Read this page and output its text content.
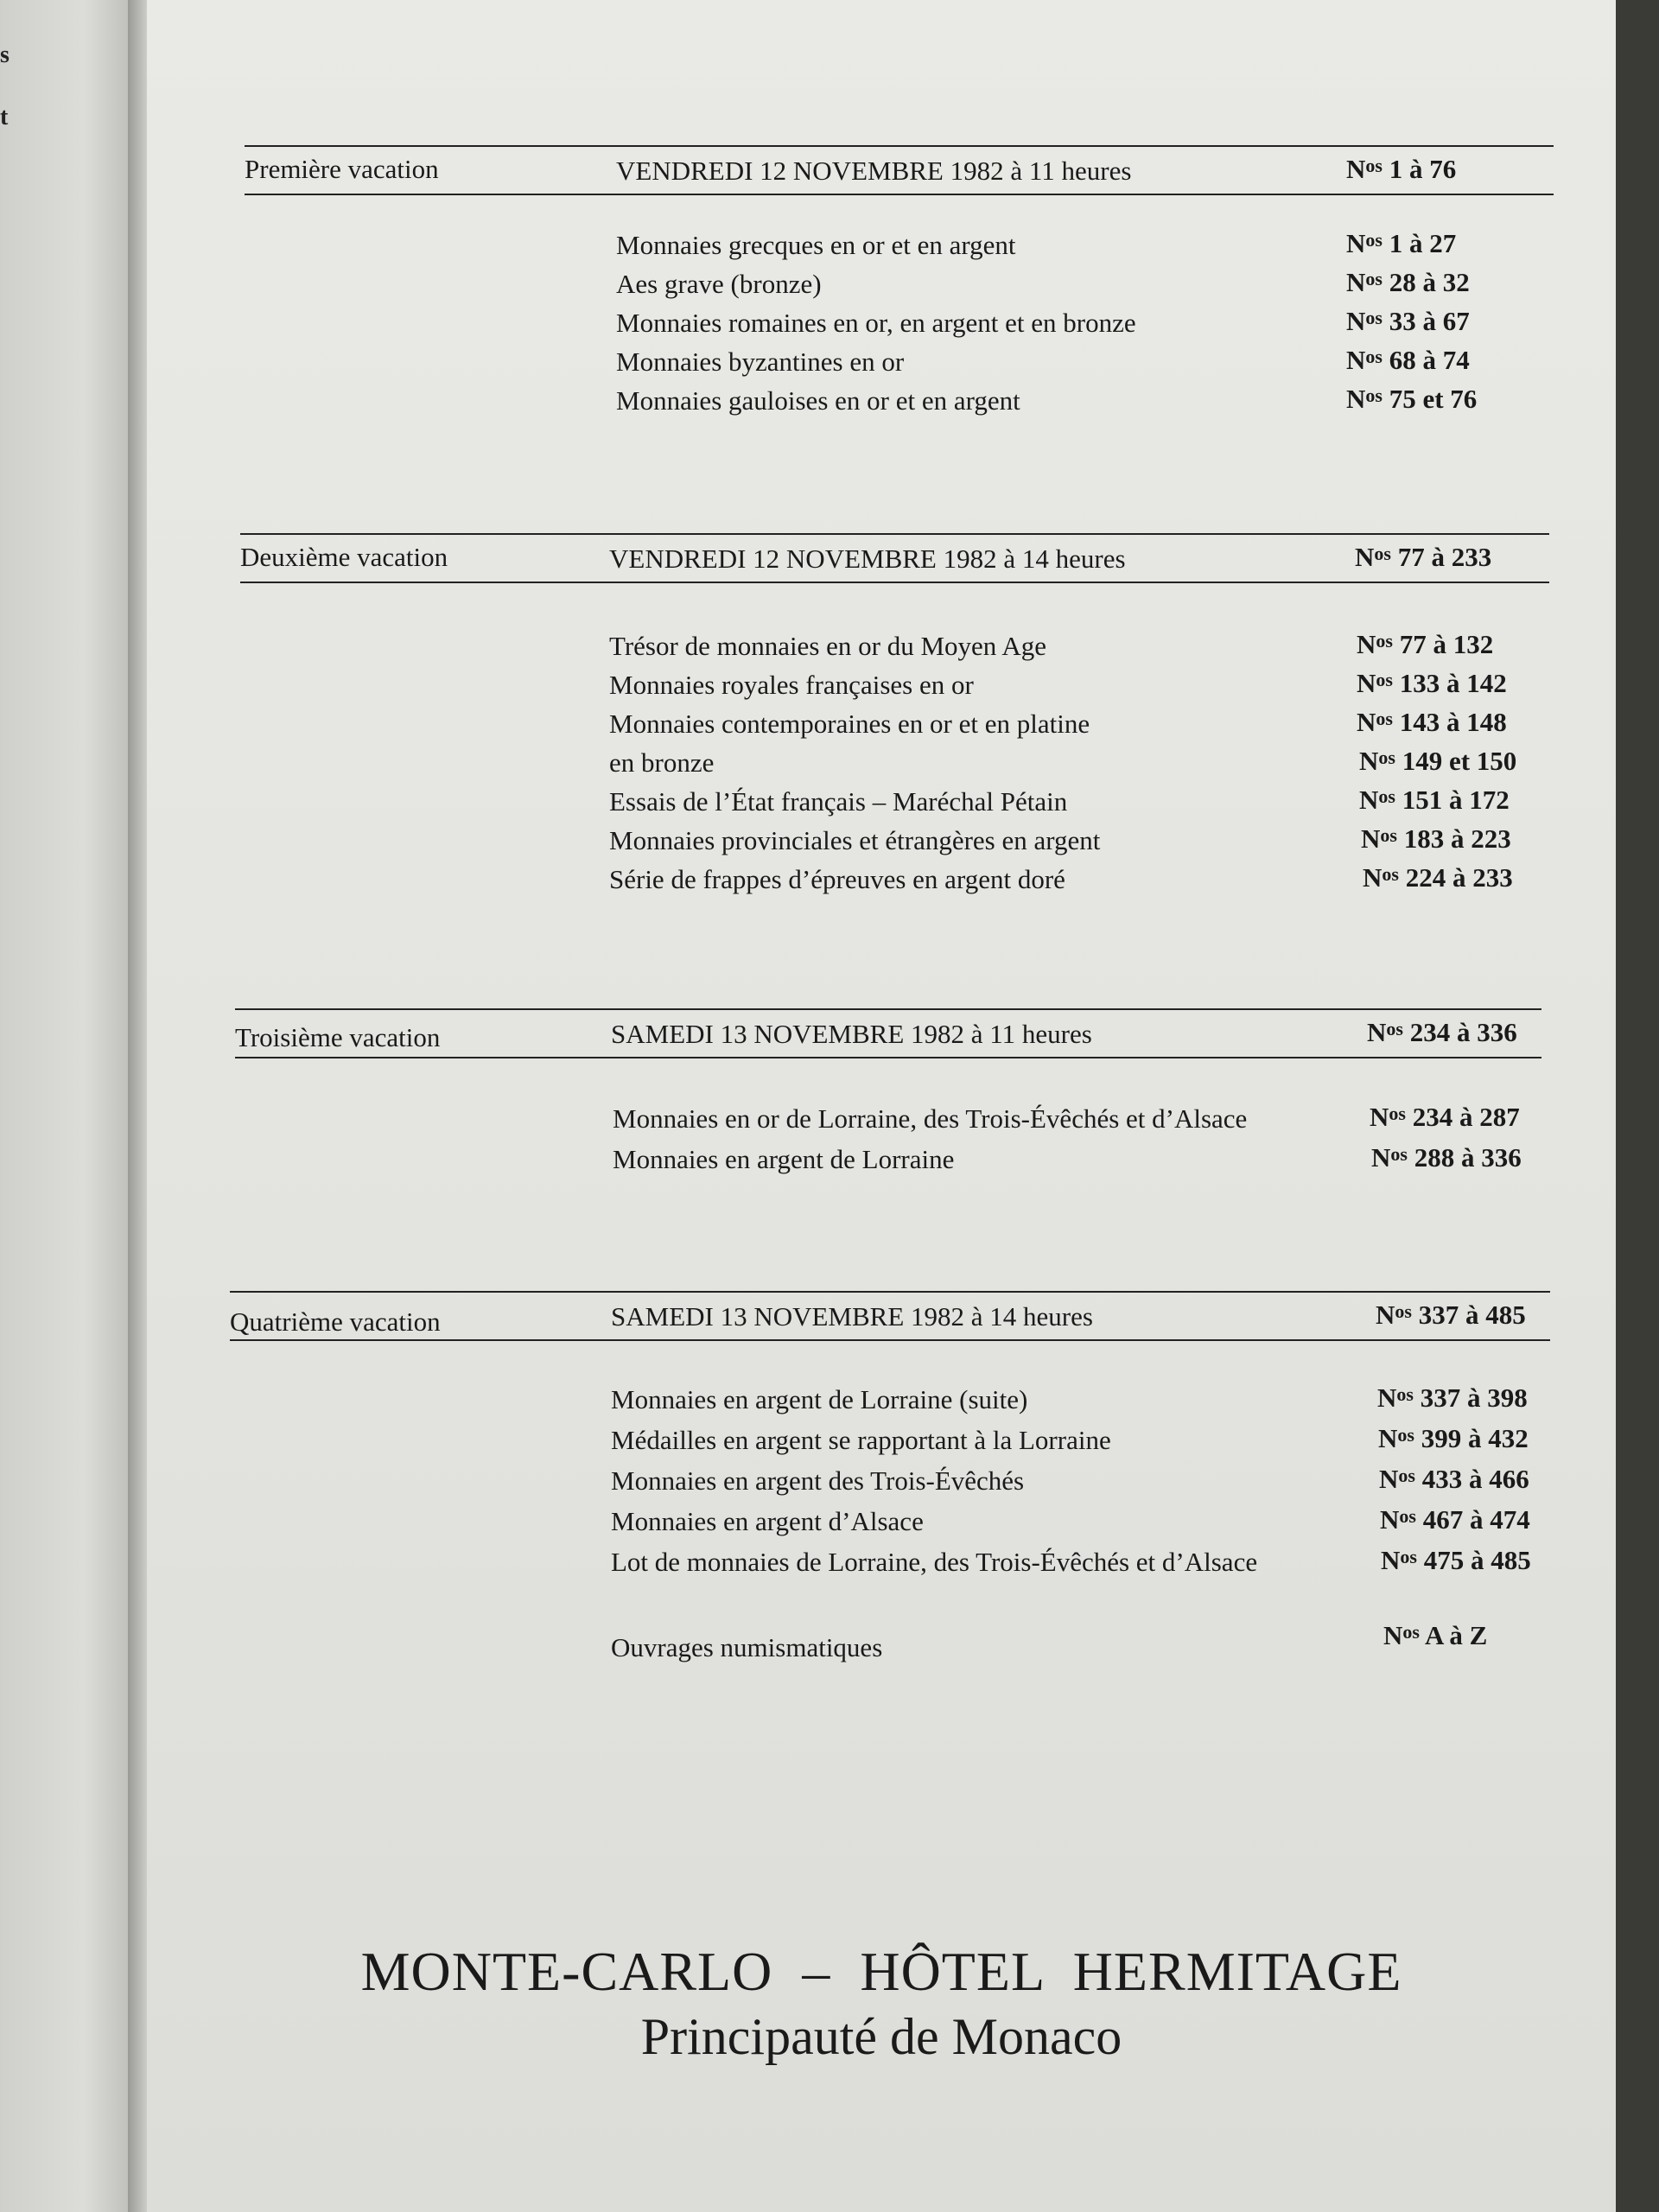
s
t
Première vacation	VENDREDI 12 NOVEMBRE 1982 à 11 heures	$N^{os}$ 1 à 76
Monnaies grecques en or et en argent	$N^{os}$ 1 à 27
Aes grave (bronze)	$N^{os}$ 28 à 32
Monnaies romaines en or, en argent et en bronze	$N^{os}$ 33 à 67
Monnaies byzantines en or	$N^{os}$ 68 à 74
Monnaies gauloises en or et en argent	$N^{os}$ 75 et 76
Deuxième vacation	VENDREDI 12 NOVEMBRE 1982 à 14 heures	$N^{os}$ 77 à 233
Trésor de monnaies en or du Moyen Age	$N^{os}$ 77 à 132
Monnaies royales françaises en or	$N^{os}$ 133 à 142
Monnaies contemporaines en or et en platine	$N^{os}$ 143 à 148
en bronze	$N^{os}$ 149 et 150
Essais de l’État français – Maréchal Pétain	$N^{os}$ 151 à 172
Monnaies provinciales et étrangères en argent	$N^{os}$ 183 à 223
Série de frappes d’épreuves en argent doré	$N^{os}$ 224 à 233
Troisième vacation	SAMEDI 13 NOVEMBRE 1982 à 11 heures	$N^{os}$ 234 à 336
Monnaies en or de Lorraine, des Trois-Évêchés et d’Alsace	$N^{os}$ 234 à 287
Monnaies en argent de Lorraine	$N^{os}$ 288 à 336
Quatrième vacation	SAMEDI 13 NOVEMBRE 1982 à 14 heures	$N^{os}$ 337 à 485
Monnaies en argent de Lorraine (suite)	$N^{os}$ 337 à 398
Médailles en argent se rapportant à la Lorraine	$N^{os}$ 399 à 432
Monnaies en argent des Trois-Évêchés	$N^{os}$ 433 à 466
Monnaies en argent d’Alsace	$N^{os}$ 467 à 474
Lot de monnaies de Lorraine, des Trois-Évêchés et d’Alsace	$N^{os}$ 475 à 485
Ouvrages numismatiques	$N^{os}$ A à Z
MONTE-CARLO  –  HÔTEL  HERMITAGE
Principauté de Monaco
